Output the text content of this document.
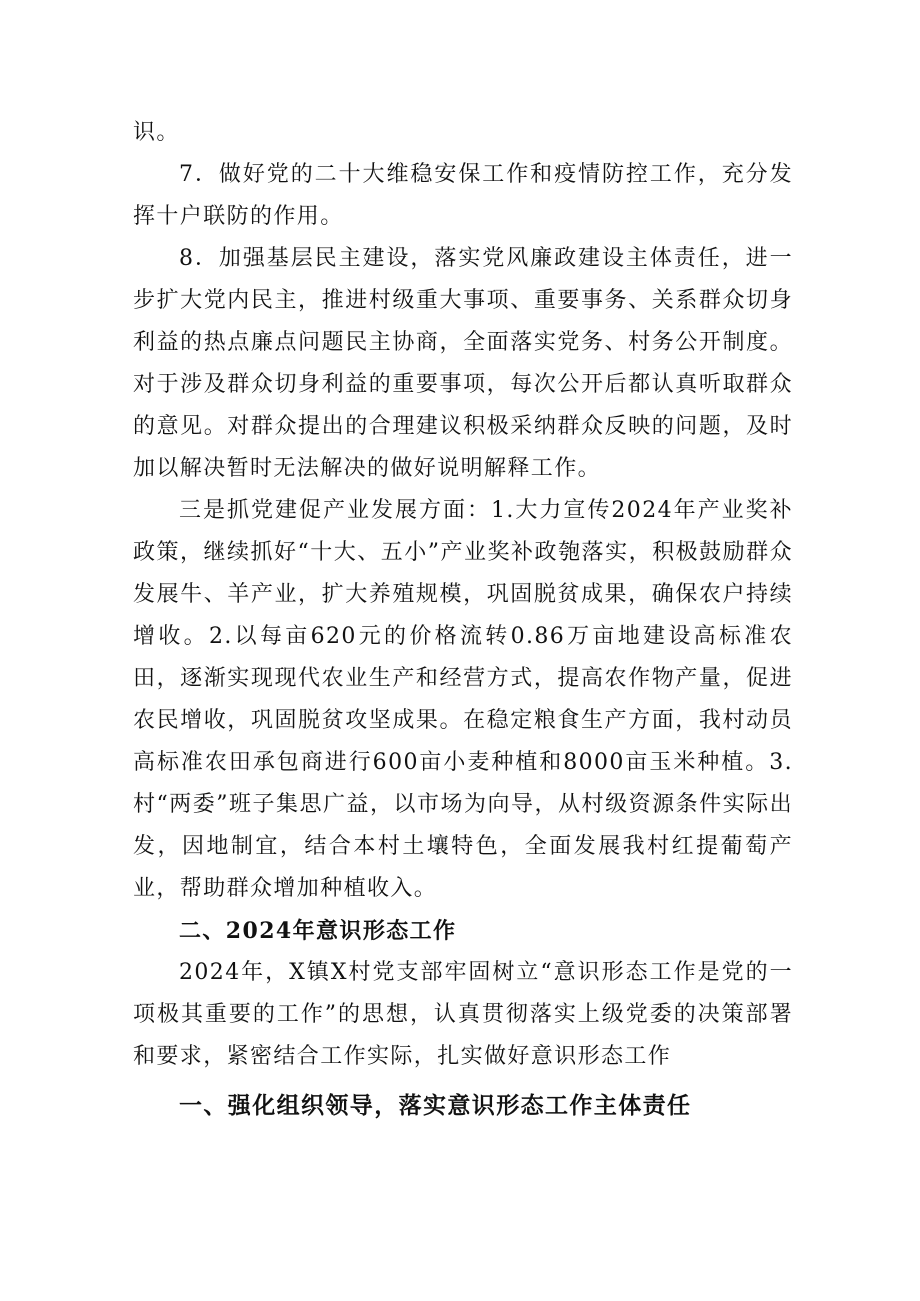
识。

7．做好党的二十大维稳安保工作和疫情防控工作，充分发挥十户联防的作用。

8．加强基层民主建设，落实党风廉政建设主体责任，进一步扩大党内民主，推进村级重大事项、重要事务、关系群众切身利益的热点廉点问题民主协商，全面落实党务、村务公开制度。对于涉及群众切身利益的重要事项，每次公开后都认真听取群众的意见。对群众提出的合理建议积极采纳群众反映的问题，及时加以解决暂时无法解决的做好说明解释工作。

三是抓党建促产业发展方面：1.大力宣传2024年产业奖补政策，继续抓好“十大、五小”产业奖补政匏落实，积极鼓励群众发展牛、羊产业，扩大养殖规模，巩固脱贫成果，确保农户持续增收。2.以每亩620元的价格流转0.86万亩地建设高标准农田，逐渐实现现代农业生产和经营方式，提高农作物产量，促进农民增收，巩固脱贫攻坚成果。在稳定粮食生产方面，我村动员高标准农田承包商进行600亩小麦种植和8000亩玉米种植。3.村“两委”班子集思广益，以市场为向导，从村级资源条件实际出发，因地制宜，结合本村土壤特色，全面发展我村红提葡萄产业，帮助群众增加种植收入。

二、2024年意识形态工作

2024年，X镇X村党支部牢固树立“意识形态工作是党的一项极其重要的工作”的思想，认真贯彻落实上级党委的决策部署和要求，紧密结合工作实际，扎实做好意识形态工作

一、强化组织领导，落实意识形态工作主体责任
